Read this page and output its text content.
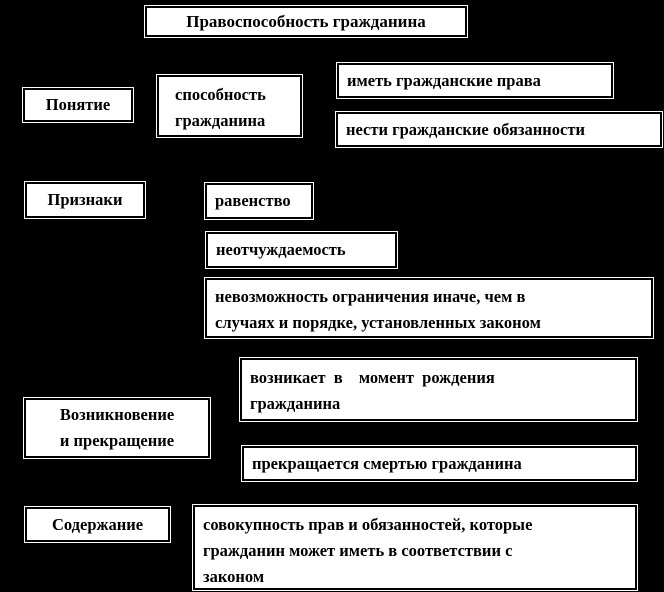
Правоспособность гражданина
Понятие
способность
гражданина
иметь гражданские права
нести гражданские обязанности
Признаки	равенство
неотчуждаемость
невозможность ограничения иначе, чем в
случаях и порядке, установленных законом
Возникновение
и прекращение
возникает в  момент рождения
гражданина
прекращается смертью гражданина
Содержание	совокупность прав и обязанностей, которые
гражданин может иметь в соответствии с
законом
